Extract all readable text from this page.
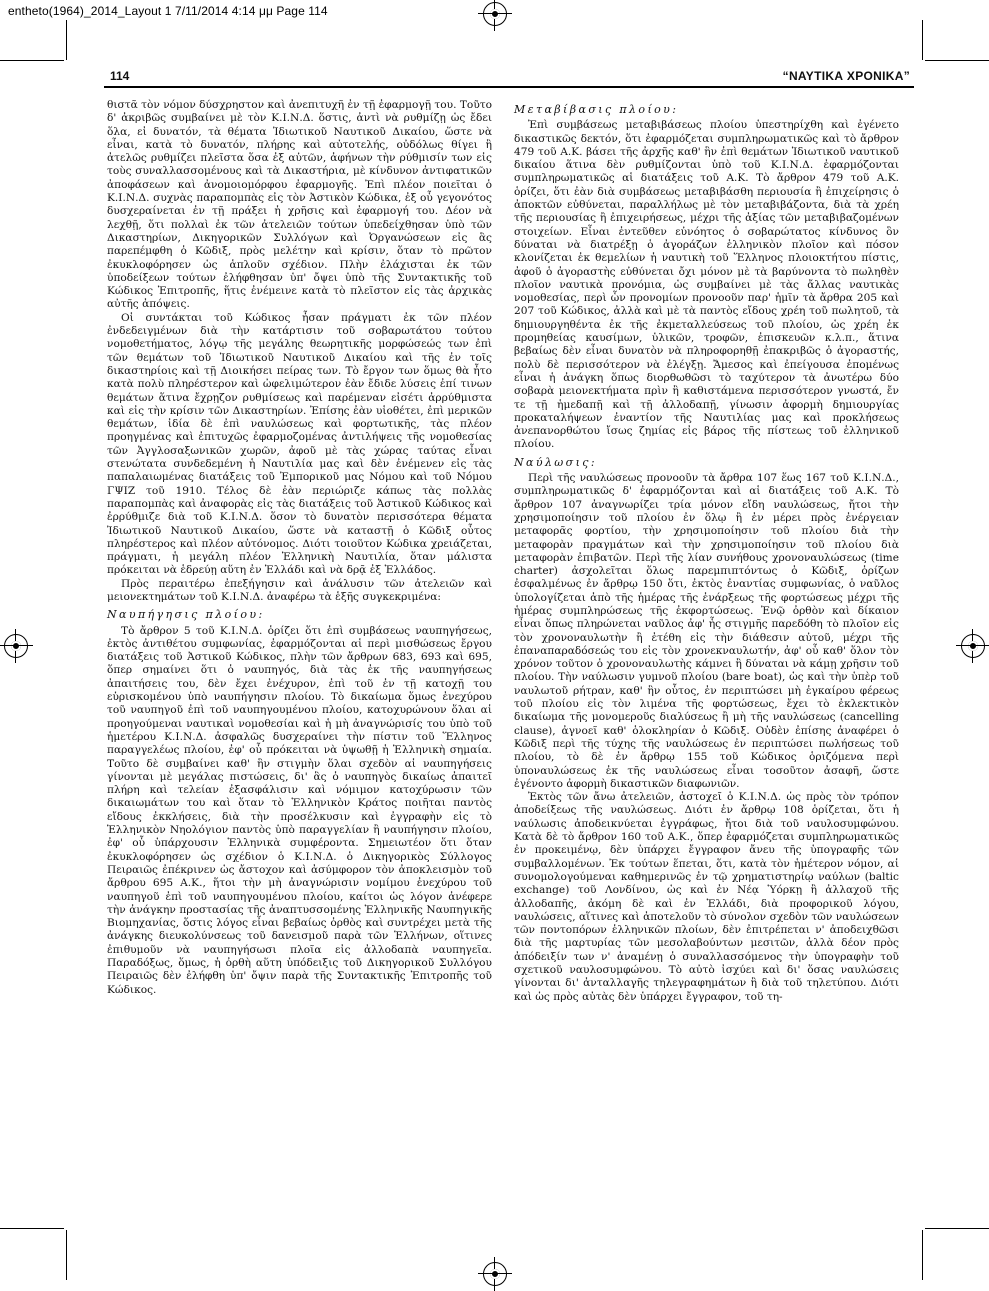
entheto(1964)_2014_Layout 1 7/11/2014 4:14 μμ Page 114
114	“ΝΑΥΤΙΚΑ ΧΡΟΝΙΚΑ”

θιστᾶ τὸν νόμον δύσχρηστον καὶ ἀνεπιτυχῆ ἐν τῇ ἐφαρμογῇ του. Τοῦτο δ' ἀκριβῶς συμβαίνει μὲ τὸν Κ.Ι.Ν.Δ. ὅστις, ἀντὶ νὰ ρυθμίζῃ ὡς ἔδει ὅλα, εἰ δυνατόν, τὰ θέματα Ἰδιωτικοῦ Ναυτικοῦ Δικαίου, ὥστε νὰ εἶναι, κατὰ τὸ δυνατόν, πλήρης καὶ αὐτοτελής, οὐδόλως θίγει ἢ ἀτελῶς ρυθμίζει πλεῖστα ὅσα ἐξ αὐτῶν, ἀφήνων τὴν ρύθμισίν των εἰς τοὺς συναλλασσομένους καὶ τὰ Δικαστήρια, μὲ κίνδυνον ἀντιφατικῶν ἀποφάσεων καὶ ἀνομοιομόρφου ἐφαρμογῆς. Ἐπὶ πλέον ποιεῖται ὁ Κ.Ι.Ν.Δ. συχνὰς παραπομπὰς εἰς τὸν Ἀστικὸν Κώδικα, ἐξ οὗ γεγονότος δυσχεραίνεται ἐν τῇ πράξει ἡ χρῆσις καὶ ἐφαρμογή του. Δέον νὰ λεχθῇ, ὅτι πολλαὶ ἐκ τῶν ἀτελειῶν τούτων ὑπεδείχθησαν ὑπὸ τῶν Δικαστηρίων, Δικηγορικῶν Συλλόγων καὶ Ὀργανώσεων εἰς ἃς παρεπέμφθη ὁ Κῶδιξ, πρὸς μελέτην καὶ κρίσιν, ὅταν τὸ πρῶτον ἐκυκλοφόρησεν ὡς ἁπλοῦν σχέδιον. Πλὴν ἐλάχισται ἐκ τῶν ὑποδείξεων τούτων ἐλήφθησαν ὑπ' ὄψει ὑπὸ τῆς Συντακτικῆς τοῦ Κώδικος Ἐπιτροπῆς, ἥτις ἐνέμεινε κατὰ τὸ πλεῖστον εἰς τὰς ἀρχικὰς αὐτῆς ἀπόψεις.

Οἱ συντάκται τοῦ Κώδικος ἦσαν πράγματι ἐκ τῶν πλέον ἐνδεδειγμένων διὰ τὴν κατάρτισιν τοῦ σοβαρωτάτου τούτου νομοθετήματος, λόγῳ τῆς μεγάλης θεωρητικῆς μορφώσεώς των ἐπὶ τῶν θεμάτων τοῦ Ἰδιωτικοῦ Ναυτικοῦ Δικαίου καὶ τῆς ἐν τοῖς δικαστηρίοις καὶ τῇ Διοικήσει πείρας των. Τὸ ἔργον των ὅμως θὰ ἦτο κατὰ πολὺ πληρέστερον καὶ ὠφελιμώτερον ἐὰν ἔδιδε λύσεις ἐπί τινων θεμάτων ἅτινα ἔχρῃζον ρυθμίσεως καὶ παρέμεναν εἰσέτι ἀρρύθμιστα καὶ εἰς τὴν κρίσιν τῶν Δικαστηρίων. Ἐπίσης ἐὰν υἱοθέτει, ἐπὶ μερικῶν θεμάτων, ἰδία δὲ ἐπὶ ναυλώσεως καὶ φορτωτικῆς, τὰς πλέον προηγμένας καὶ ἐπιτυχῶς ἐφαρμοζομένας ἀντιλήψεις τῆς νομοθεσίας τῶν Ἀγγλοσαξωνικῶν χωρῶν, ἀφοῦ μὲ τὰς χώρας ταύτας εἶναι στενώτατα συνδεδεμένη ἡ Ναυτιλία μας καὶ δὲν ἐνέμενεν εἰς τὰς παπαλαιωμένας διατάξεις τοῦ Ἐμπορικοῦ μας Νόμου καὶ τοῦ Νόμου ΓΨΙΖ τοῦ 1910. Τέλος δὲ ἐὰν περιώριζε κάπως τὰς πολλὰς παραπομπὰς καὶ ἀναφορὰς εἰς τὰς διατάξεις τοῦ Ἀστικοῦ Κώδικος καὶ ἐρρύθμιζε διὰ τοῦ Κ.Ι.Ν.Δ. ὅσον τὸ δυνατὸν περισσότερα θέματα Ἰδιωτικοῦ Ναυτικοῦ Δικαίου, ὥστε νὰ καταστῇ ὁ Κῶδιξ οὗτος πληρέστερος καὶ πλέον αὐτόνομος. Διότι τοιοῦτον Κώδικα χρειάζεται, πράγματι, ἡ μεγάλη πλέον Ἑλληνικὴ Ναυτιλία, ὅταν μάλιστα πρόκειται νὰ ἑδρεύῃ αὕτη ἐν Ἑλλάδι καὶ νὰ δρᾷ ἐξ Ἑλλάδος.

Πρὸς περαιτέρω ἐπεξήγησιν καὶ ἀνάλυσιν τῶν ἀτελειῶν καὶ μειονεκτημάτων τοῦ Κ.Ι.Ν.Δ. ἀναφέρω τὰ ἑξῆς συγκεκριμένα:

Ναυπήγησις πλοίου:

Τὸ ἄρθρον 5 τοῦ Κ.Ι.Ν.Δ. ὁρίζει ὅτι ἐπὶ συμβάσεως ναυπηγήσεως, ἐκτὸς ἀντιθέτου συμφωνίας, ἐφαρμόζονται αἱ περὶ μισθώσεως ἔργου διατάξεις τοῦ Ἀστικοῦ Κώδικος, πλὴν τῶν ἄρθρων 683, 693 καὶ 695, ὅπερ σημαίνει ὅτι ὁ ναυπηγός, διὰ τὰς ἐκ τῆς ναυπηγήσεως ἀπαιτήσεις του, δὲν ἔχει ἐνέχυρον, ἐπὶ τοῦ ἐν τῇ κατοχῇ του εὑρισκομένου ὑπὸ ναυπήγησιν πλοίου. Τὸ δικαίωμα ὅμως ἐνεχύρου τοῦ ναυπηγοῦ ἐπὶ τοῦ ναυπηγουμένου πλοίου, κατοχυρώνουν ὅλαι αἱ προηγούμεναι ναυτικαὶ νομοθεσίαι καὶ ἡ μὴ ἀναγνώρισίς του ὑπὸ τοῦ ἡμετέρου Κ.Ι.Ν.Δ. ἀσφαλῶς δυσχεραίνει τὴν πίστιν τοῦ Ἕλληνος παραγγελέως πλοίου, ἐφ' οὗ πρόκειται νὰ ὑψωθῇ ἡ Ἑλληνικὴ σημαία. Τοῦτο δὲ συμβαίνει καθ' ἣν στιγμὴν ὅλαι σχεδὸν αἱ ναυπηγήσεις γίνονται μὲ μεγάλας πιστώσεις, δι' ἃς ὁ ναυπηγὸς δικαίως ἀπαιτεῖ πλήρη καὶ τελείαν ἐξασφάλισιν καὶ νόμιμον κατοχύρωσιν τῶν δικαιωμάτων του καὶ ὅταν τὸ Ἑλληνικὸν Κράτος ποιῆται παντὸς εἴδους ἐκκλήσεις, διὰ τὴν προσέλκυσιν καὶ ἐγγραφὴν εἰς τὸ Ἑλληνικὸν Νηολόγιον παντὸς ὑπὸ παραγγελίαν ἢ ναυπήγησιν πλοίου, ἐφ' οὗ ὑπάρχουσιν Ἑλληνικὰ συμφέροντα. Σημειωτέον ὅτι ὅταν ἐκυκλοφόρησεν ὡς σχέδιον ὁ Κ.Ι.Ν.Δ. ὁ Δικηγορικὸς Σύλλογος Πειραιῶς ἐπέκρινεν ὡς ἄστοχον καὶ ἀσύμφορον τὸν ἀποκλεισμὸν τοῦ ἄρθρου 695 Α.Κ., ἥτοι τὴν μὴ ἀναγνώρισιν νομίμου ἐνεχύρου τοῦ ναυπηγοῦ ἐπὶ τοῦ ναυπηγουμένου πλοίου, καίτοι ὡς λόγον ἀνέφερε τὴν ἀνάγκην προστασίας τῆς ἀναπτυσσομένης Ἑλληνικῆς Ναυπηγικῆς Βιομηχανίας, ὅστις λόγος εἶναι βεβαίως ὀρθὸς καὶ συντρέχει μετὰ τῆς ἀνάγκης διευκολύνσεως τοῦ δανεισμοῦ παρὰ τῶν Ἑλλήνων, οἵτινες ἐπιθυμοῦν νὰ ναυπηγήσωσι πλοῖα εἰς ἀλλοδαπὰ ναυπηγεῖα. Παραδόξως, ὅμως, ἡ ὀρθὴ αὕτη ὑπόδειξις τοῦ Δικηγορικοῦ Συλλόγου Πειραιῶς δὲν ἐλήφθη ὑπ' ὄψιν παρὰ τῆς Συντακτικῆς Ἐπιτροπῆς τοῦ Κώδικος.

Μεταβίβασις πλοίου:

Ἐπὶ συμβάσεως μεταβιβάσεως πλοίου ὑπεστηρίχθη καὶ ἐγένετο δικαστικῶς δεκτόν, ὅτι ἐφαρμόζεται συμπληρωματικῶς καὶ τὸ ἄρθρον 479 τοῦ Α.Κ. βάσει τῆς ἀρχῆς καθ' ἣν ἐπὶ θεμάτων Ἰδιωτικοῦ ναυτικοῦ δικαίου ἅτινα δὲν ρυθμίζονται ὑπὸ τοῦ Κ.Ι.Ν.Δ. ἐφαρμόζονται συμπληρωματικῶς αἱ διατάξεις τοῦ Α.Κ. Τὸ ἄρθρον 479 τοῦ Α.Κ. ὁρίζει, ὅτι ἐὰν διὰ συμβάσεως μεταβιβάσθη περιουσία ἢ ἐπιχείρησις ὁ ἀποκτῶν εὐθύνεται, παραλλήλως μὲ τὸν μεταβιβάζοντα, διὰ τὰ χρέη τῆς περιουσίας ἢ ἐπιχειρήσεως, μέχρι τῆς ἀξίας τῶν μεταβιβαζομένων στοιχείων. Εἶναι ἐντεῦθεν εὐνόητος ὁ σοβαρώτατος κίνδυνος ὃν δύναται νὰ διατρέξῃ ὁ ἀγοράζων ἑλληνικὸν πλοῖον καὶ πόσον κλονίζεται ἐκ θεμελίων ἡ ναυτικὴ τοῦ Ἕλληνος πλοιοκτήτου πίστις, ἀφοῦ ὁ ἀγοραστὴς εὐθύνεται ὄχι μόνον μὲ τὰ βαρύνοντα τὸ πωληθὲν πλοῖον ναυτικὰ προνόμια, ὡς συμβαίνει μὲ τὰς ἄλλας ναυτικὰς νομοθεσίας, περὶ ὧν προνομίων προνοοῦν παρ' ἡμῖν τὰ ἄρθρα 205 καὶ 207 τοῦ Κώδικος, ἀλλὰ καὶ μὲ τὰ παντὸς εἴδους χρέη τοῦ πωλητοῦ, τὰ δημιουργηθέντα ἐκ τῆς ἐκμεταλλεύσεως τοῦ πλοίου, ὡς χρέη ἐκ προμηθείας καυσίμων, ὑλικῶν, τροφῶν, ἐπισκευῶν κ.λ.π., ἅτινα βεβαίως δὲν εἶναι δυνατὸν νὰ πληροφορηθῇ ἐπακριβῶς ὁ ἀγοραστής, πολὺ δὲ περισσότερον νὰ ἐλέγξῃ. Ἄμεσος καὶ ἐπείγουσα ἐπομένως εἶναι ἡ ἀνάγκη ὅπως διορθωθῶσι τὸ ταχύτερον τὰ ἀνωτέρω δύο σοβαρὰ μειονεκτήματα πρὶν ἢ καθιστάμενα περισσότερον γνωστά, ἔν τε τῇ ἡμεδαπῇ καὶ τῇ ἀλλοδαπῇ, γίνωσιν ἀφορμὴ δημιουργίας προκαταλήψεων ἐναντίον τῆς Ναυτιλίας μας καὶ προκλήσεως ἀνεπανορθώτου ἴσως ζημίας εἰς βάρος τῆς πίστεως τοῦ ἑλληνικοῦ πλοίου.

Ναύλωσις:

Περὶ τῆς ναυλώσεως προνοοῦν τὰ ἄρθρα 107 ἕως 167 τοῦ Κ.Ι.Ν.Δ., συμπληρωματικῶς δ' ἐφαρμόζονται καὶ αἱ διατάξεις τοῦ Α.Κ. Τὸ ἄρθρον 107 ἀναγνωρίζει τρία μόνον εἴδη ναυλώσεως, ἤτοι τὴν χρησιμοποίησιν τοῦ πλοίου ἐν ὅλῳ ἢ ἐν μέρει πρὸς ἐνέργειαν μεταφορᾶς φορτίου, τὴν χρησιμοποίησιν τοῦ πλοίου διὰ τὴν μεταφορὰν πραγμάτων καὶ τὴν χρησιμοποίησιν τοῦ πλοίου διὰ μεταφορὰν ἐπιβατῶν. Περὶ τῆς λίαν συνήθους χρονοναυλώσεως (time charter) ἀσχολεῖται ὅλως παρεμπιπτόντως ὁ Κῶδιξ, ὁρίζων ἐσφαλμένως ἐν ἄρθρῳ 150 ὅτι, ἐκτὸς ἐναντίας συμφωνίας, ὁ ναῦλος ὑπολογίζεται ἀπὸ τῆς ἡμέρας τῆς ἐνάρξεως τῆς φορτώσεως μέχρι τῆς ἡμέρας συμπληρώσεως τῆς ἐκφορτώσεως. Ἐνῷ ὀρθὸν καὶ δίκαιον εἶναι ὅπως πληρώνεται ναῦλος ἀφ' ἧς στιγμῆς παρεδόθη τὸ πλοῖον εἰς τὸν χρονοναυλωτὴν ἢ ἐτέθη εἰς τὴν διάθεσιν αὐτοῦ, μέχρι τῆς ἐπαναπαραδόσεώς του εἰς τὸν χρονεκναυλωτήν, ἀφ' οὗ καθ' ὅλον τὸν χρόνον τοῦτον ὁ χρονοναυλωτὴς κάμνει ἢ δύναται νὰ κάμῃ χρῆσιν τοῦ πλοίου. Τὴν ναύλωσιν γυμνοῦ πλοίου (bare boat), ὡς καὶ τὴν ὑπὲρ τοῦ ναυλωτοῦ ρήτραν, καθ' ἣν οὗτος, ἐν περιπτώσει μὴ ἐγκαίρου φέρεως τοῦ πλοίου εἰς τὸν λιμένα τῆς φορτώσεως, ἔχει τὸ ἐκλεκτικὸν δικαίωμα τῆς μονομεροῦς διαλύσεως ἢ μὴ τῆς ναυλώσεως (cancelling clause), ἀγνοεῖ καθ' ὁλοκληρίαν ὁ Κῶδιξ. Οὐδὲν ἐπίσης ἀναφέρει ὁ Κῶδιξ περὶ τῆς τύχης τῆς ναυλώσεως ἐν περιπτώσει πωλήσεως τοῦ πλοίου, τὸ δὲ ἐν ἄρθρῳ 155 τοῦ Κώδικος ὁριζόμενα περὶ ὑποναυλώσεως ἐκ τῆς ναυλώσεως εἶναι τοσοῦτον ἀσαφῆ, ὥστε ἐγένοντο ἀφορμὴ δικαστικῶν διαφωνιῶν.

Ἐκτὸς τῶν ἄνω ἀτελειῶν, ἀστοχεῖ ὁ Κ.Ι.Ν.Δ. ὡς πρὸς τὸν τρόπον ἀποδείξεως τῆς ναυλώσεως. Διότι ἐν ἄρθρῳ 108 ὁρίζεται, ὅτι ἡ ναύλωσις ἀποδεικνύεται ἐγγράφως, ἤτοι διὰ τοῦ ναυλοσυμφώνου. Κατὰ δὲ τὸ ἄρθρον 160 τοῦ Α.Κ., ὅπερ ἐφαρμόζεται συμπληρωματικῶς ἐν προκειμένῳ, δὲν ὑπάρχει ἔγγραφον ἄνευ τῆς ὑπογραφῆς τῶν συμβαλλομένων. Ἐκ τούτων ἕπεται, ὅτι, κατὰ τὸν ἡμέτερον νόμον, αἱ συνομολογούμεναι καθημερινῶς ἐν τῷ χρηματιστηρίῳ ναύλων (baltic exchange) τοῦ Λονδίνου, ὡς καὶ ἐν Νέᾳ Ὑόρκῃ ἢ ἀλλαχοῦ τῆς ἀλλοδαπῆς, ἀκόμη δὲ καὶ ἐν Ἑλλάδι, διὰ προφορικοῦ λόγου, ναυλώσεις, αἵτινες καὶ ἀποτελοῦν τὸ σύνολον σχεδὸν τῶν ναυλώσεων τῶν ποντοπόρων ἑλληνικῶν πλοίων, δὲν ἐπιτρέπεται ν' ἀποδειχθῶσι διὰ τῆς μαρτυρίας τῶν μεσολαβούντων μεσιτῶν, ἀλλὰ δέον πρὸς ἀπόδειξίν των ν' ἀναμένῃ ὁ συναλλασσόμενος τὴν ὑπογραφὴν τοῦ σχετικοῦ ναυλοσυμφώνου. Τὸ αὐτὸ ἰσχύει καὶ δι' ὅσας ναυλώσεις γίνονται δι' ἀνταλλαγῆς τηλεγραφημάτων ἢ διὰ τοῦ τηλετύπου. Διότι καὶ ὡς πρὸς αὐτὰς δὲν ὑπάρχει ἔγγραφον, τοῦ τη-
